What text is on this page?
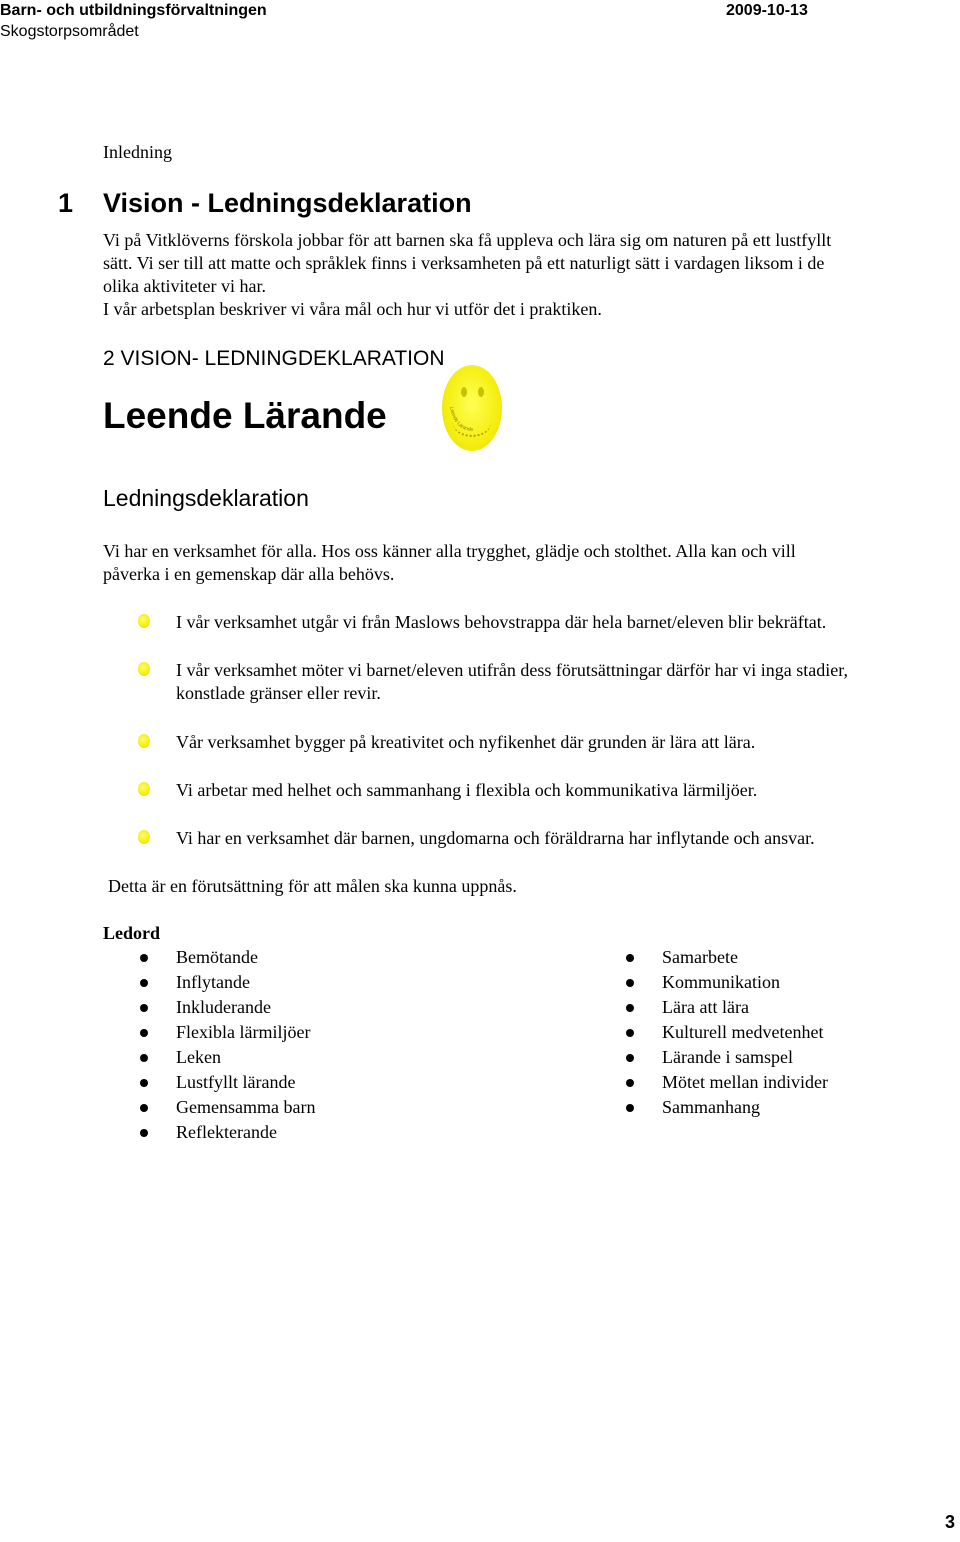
Barn- och utbildningsförvaltningen
Skogstorpsområdet
2009-10-13
Inledning
1 Vision - Ledningsdeklaration
Vi på Vitklöverns förskola jobbar för att barnen ska få uppleva och lära sig om naturen på ett lustfyllt
sätt. Vi ser till att matte och språklek finns i verksamheten på ett naturligt sätt i vardagen liksom i de
olika aktiviteter vi har.
I vår arbetsplan beskriver vi våra mål och hur vi utför det i praktiken.
2 VISION- LEDNINGDEKLARATION
Leende Lärande
Leende Lärande
Ledningsdeklaration
Vi har en verksamhet för alla. Hos oss känner alla trygghet, glädje och stolthet. Alla kan och vill
påverka i en gemenskap där alla behövs.
I vår verksamhet utgår vi från Maslows behovstrappa där hela barnet/eleven blir bekräftat.
I vår verksamhet möter vi barnet/eleven utifrån dess förutsättningar därför har vi inga stadier,
konstlade gränser eller revir.
Vår verksamhet bygger på kreativitet och nyfikenhet där grunden är lära att lära.
Vi arbetar med helhet och sammanhang i flexibla och kommunikativa lärmiljöer.
Vi har en verksamhet där barnen, ungdomarna och föräldrarna har inflytande och ansvar.
Detta är en förutsättning för att målen ska kunna uppnås.
Ledord
Bemötande
Inflytande
Inkluderande
Flexibla lärmiljöer
Leken
Lustfyllt lärande
Gemensamma barn
Reflekterande
Samarbete
Kommunikation
Lära att lära
Kulturell medvetenhet
Lärande i samspel
Mötet mellan individer
Sammanhang
3
